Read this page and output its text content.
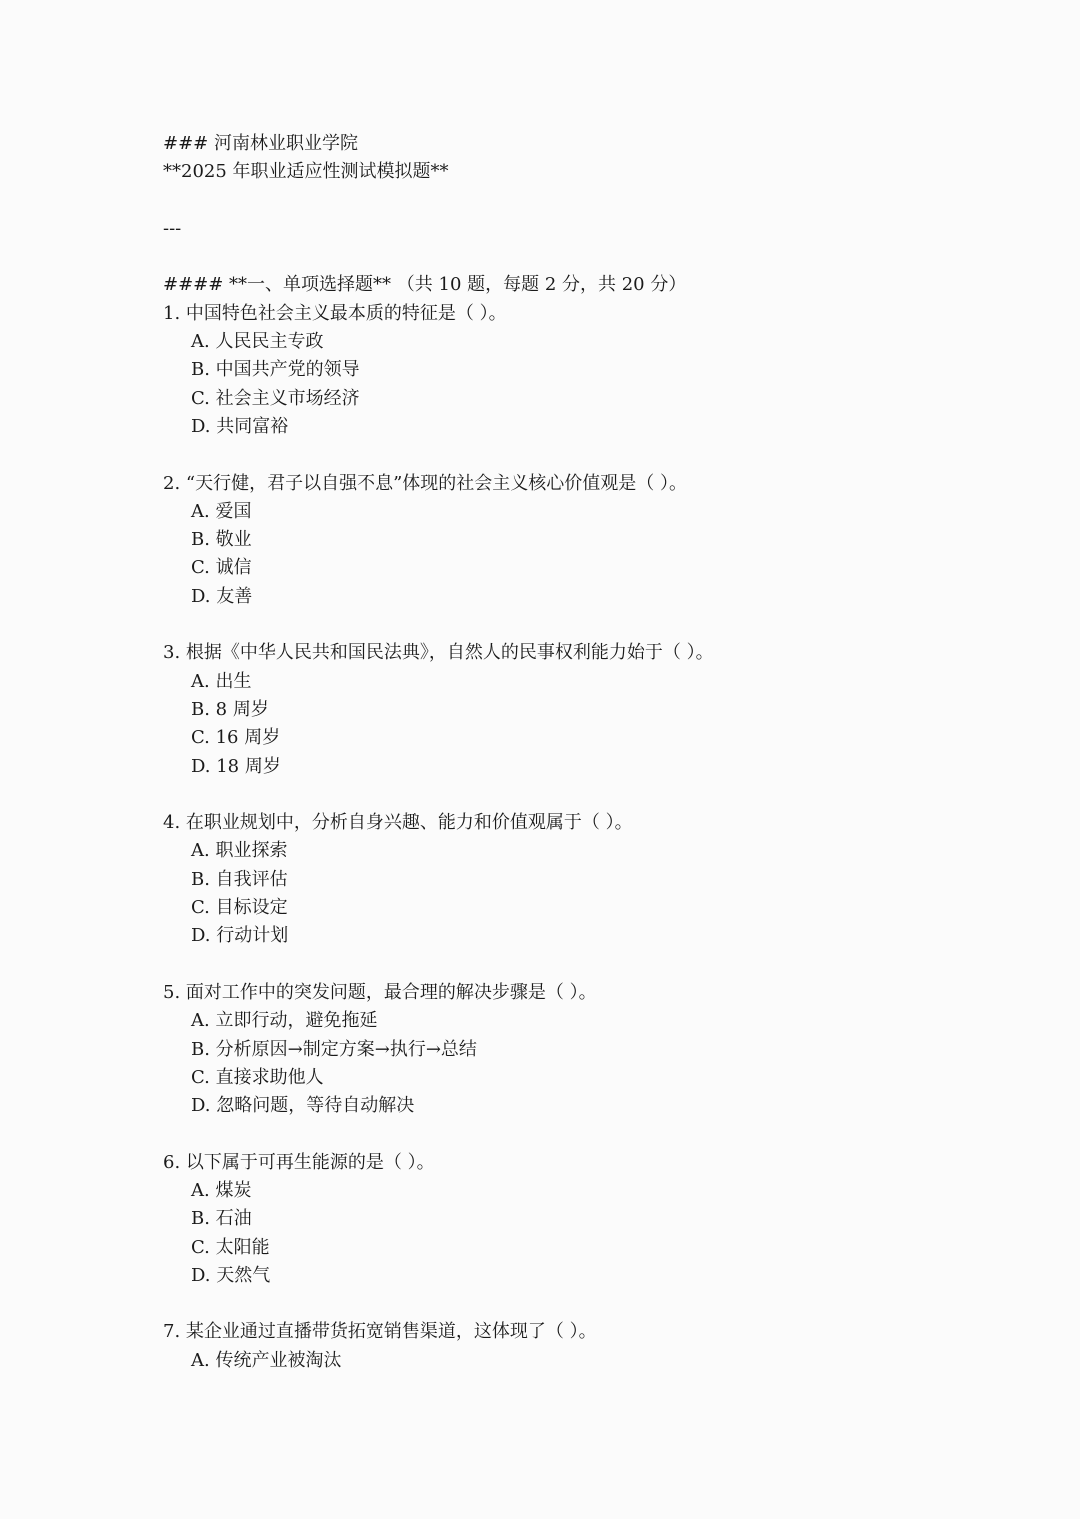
### 河南林业职业学院
**2025 年职业适应性测试模拟题**
---
#### **一、单项选择题** （共 10 题，每题 2 分，共 20 分）
1. 中国特色社会主义最本质的特征是（ ）。
A. 人民民主专政
B. 中国共产党的领导
C. 社会主义市场经济
D. 共同富裕
2. “天行健，君子以自强不息”体现的社会主义核心价值观是（ ）。
A. 爱国
B. 敬业
C. 诚信
D. 友善
3. 根据《中华人民共和国民法典》，自然人的民事权利能力始于（ ）。
A. 出生
B. 8 周岁
C. 16 周岁
D. 18 周岁
4. 在职业规划中，分析自身兴趣、能力和价值观属于（ ）。
A. 职业探索
B. 自我评估
C. 目标设定
D. 行动计划
5. 面对工作中的突发问题，最合理的解决步骤是（ ）。
A. 立即行动，避免拖延
B. 分析原因→制定方案→执行→总结
C. 直接求助他人
D. 忽略问题，等待自动解决
6. 以下属于可再生能源的是（ ）。
A. 煤炭
B. 石油
C. 太阳能
D. 天然气
7. 某企业通过直播带货拓宽销售渠道，这体现了（ ）。
A. 传统产业被淘汰
